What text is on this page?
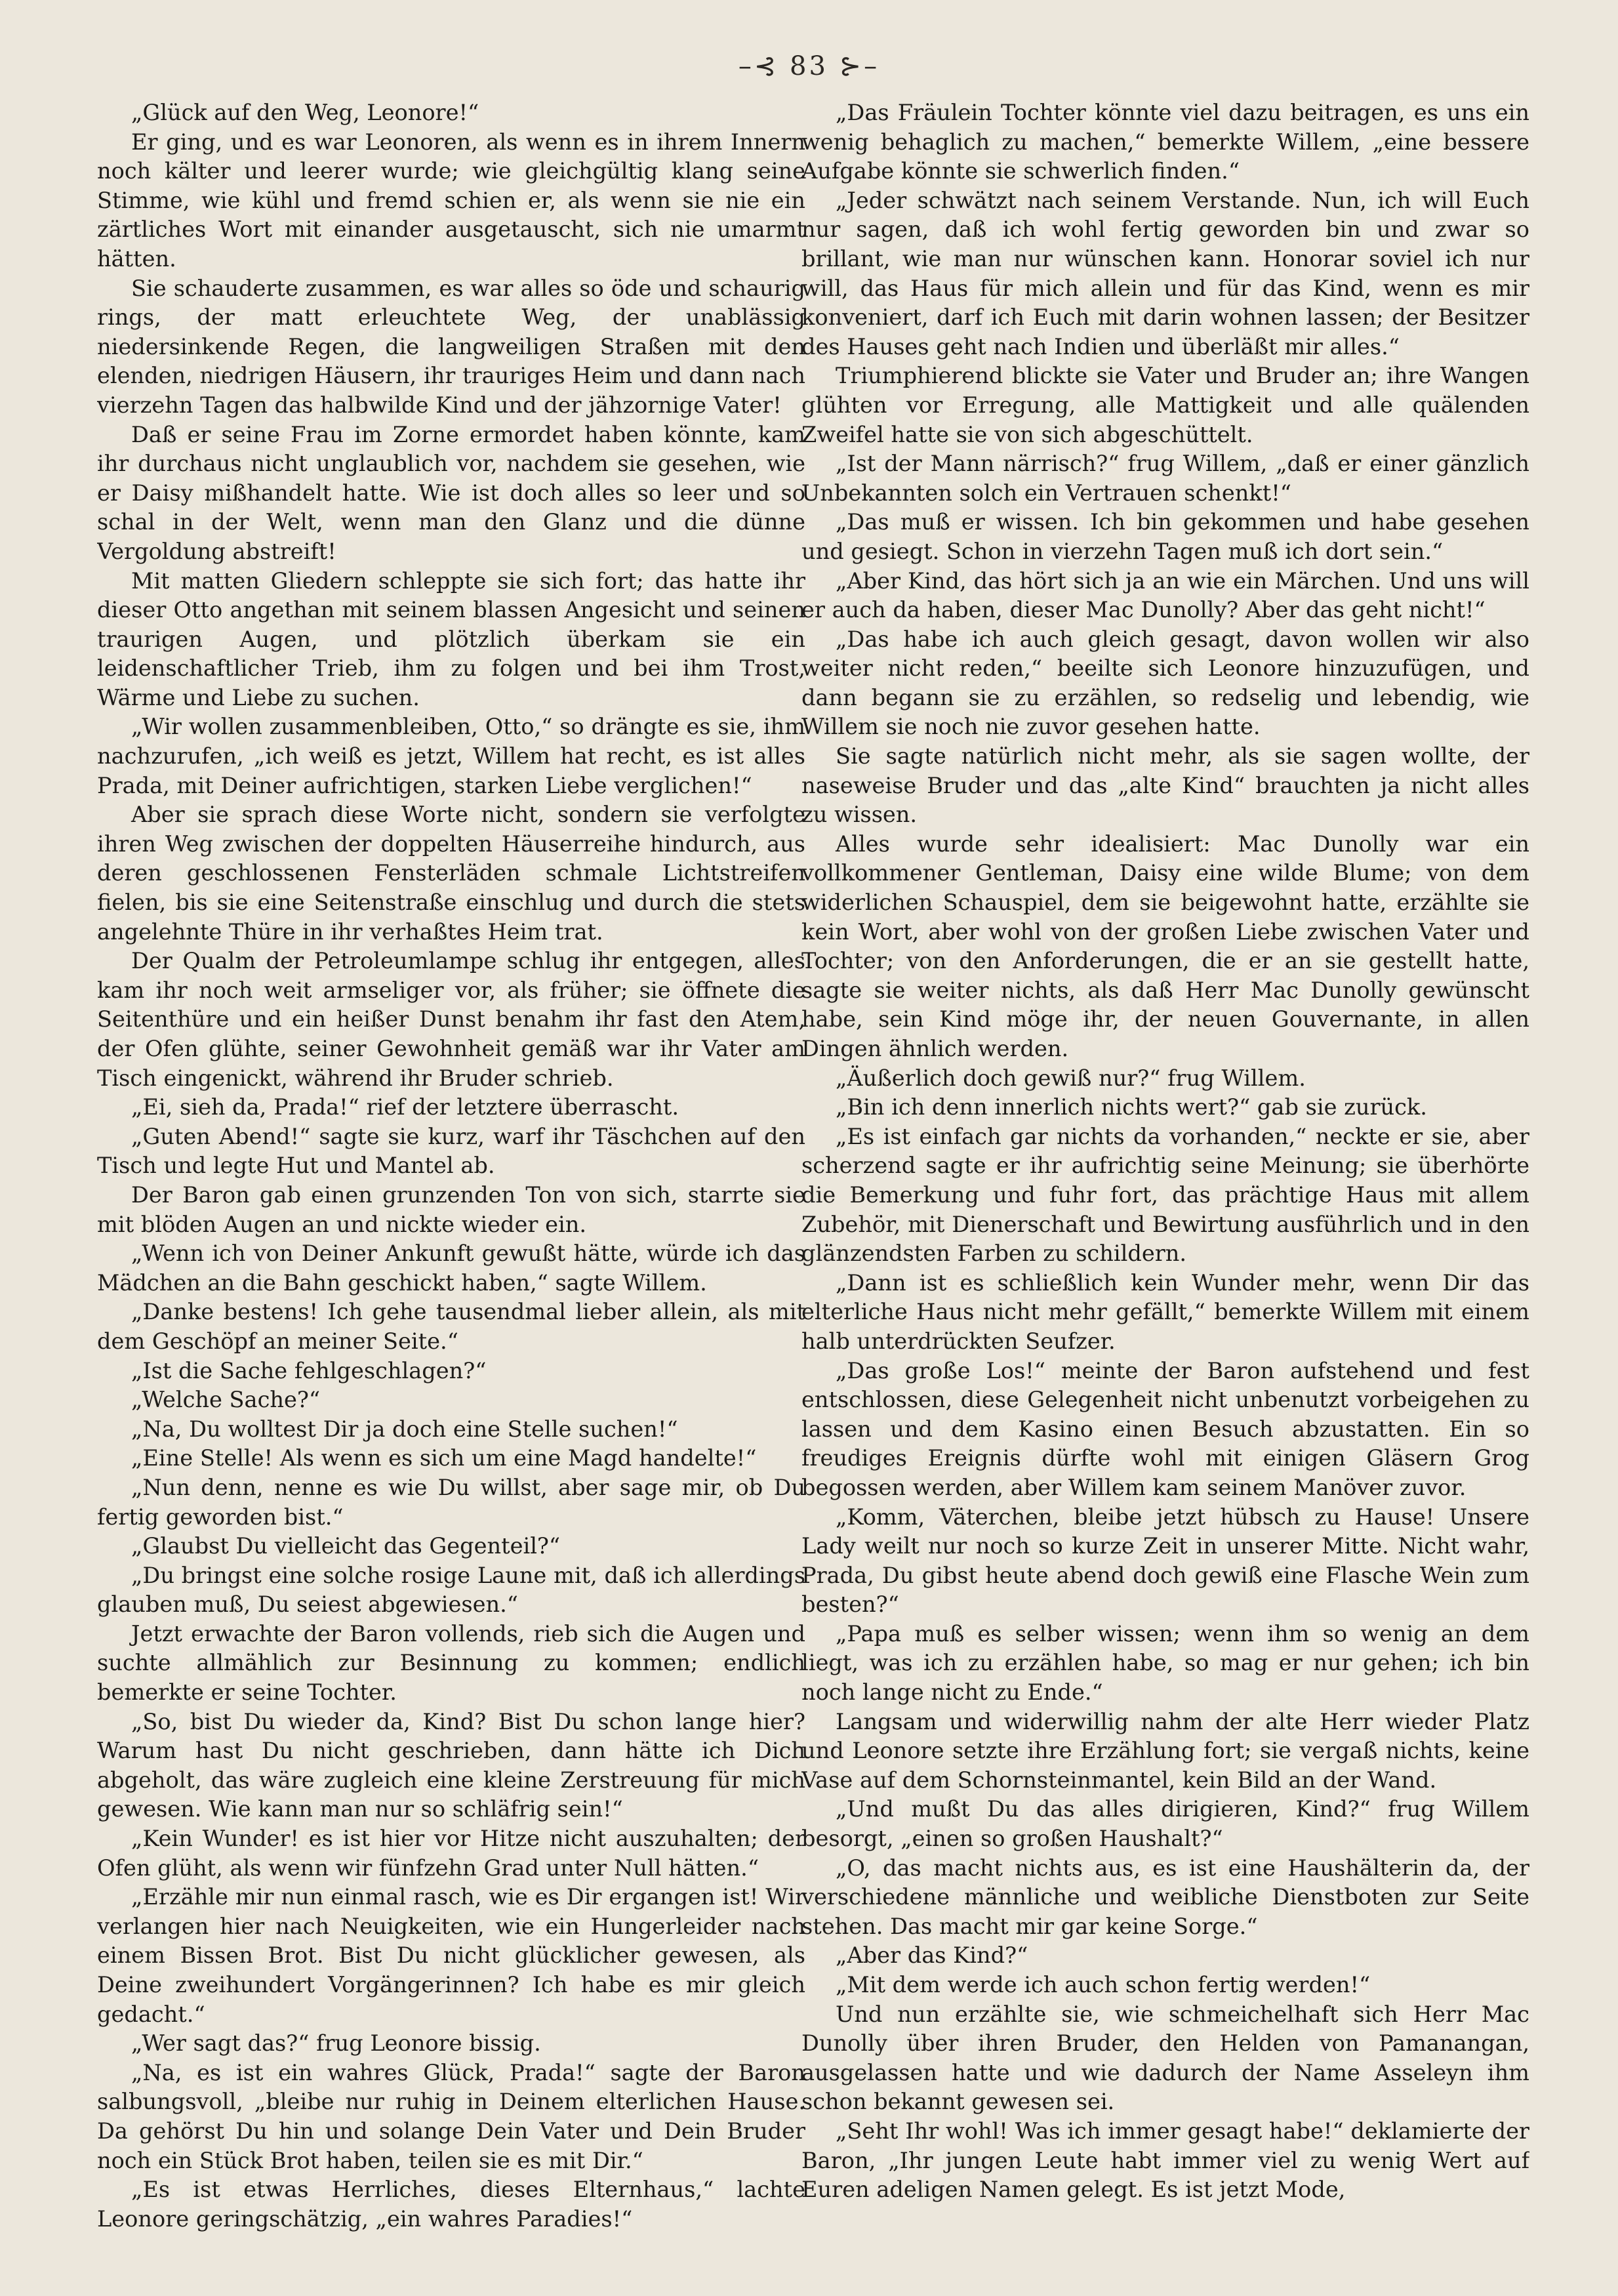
–⊰ 83 ⊱–

„Glück auf den Weg, Leonore!“

Er ging, und es war Leonoren, als wenn es in ihrem Innern noch kälter und leerer wurde; wie gleichgültig klang seine Stimme, wie kühl und fremd schien er, als wenn sie nie ein zärtliches Wort mit einander ausgetauscht, sich nie umarmt hätten.

Sie schauderte zusammen, es war alles so öde und schaurig rings, der matt erleuchtete Weg, der unablässig niedersinkende Regen, die langweiligen Straßen mit den elenden, niedrigen Häusern, ihr trauriges Heim und dann nach vierzehn Tagen das halbwilde Kind und der jähzornige Vater!

Daß er seine Frau im Zorne ermordet haben könnte, kam ihr durchaus nicht unglaublich vor, nachdem sie gesehen, wie er Daisy mißhandelt hatte. Wie ist doch alles so leer und so schal in der Welt, wenn man den Glanz und die dünne Vergoldung abstreift!

Mit matten Gliedern schleppte sie sich fort; das hatte ihr dieser Otto angethan mit seinem blassen Angesicht und seinen traurigen Augen, und plötzlich überkam sie ein leidenschaftlicher Trieb, ihm zu folgen und bei ihm Trost, Wärme und Liebe zu suchen.

„Wir wollen zusammenbleiben, Otto,“ so drängte es sie, ihm nachzurufen, „ich weiß es jetzt, Willem hat recht, es ist alles Prada, mit Deiner aufrichtigen, starken Liebe verglichen!“

Aber sie sprach diese Worte nicht, sondern sie verfolgte ihren Weg zwischen der doppelten Häuserreihe hindurch, aus deren geschlossenen Fensterläden schmale Lichtstreifen fielen, bis sie eine Seitenstraße einschlug und durch die stets angelehnte Thüre in ihr verhaßtes Heim trat.

Der Qualm der Petroleumlampe schlug ihr entgegen, alles kam ihr noch weit armseliger vor, als früher; sie öffnete die Seitenthüre und ein heißer Dunst benahm ihr fast den Atem, der Ofen glühte, seiner Gewohnheit gemäß war ihr Vater am Tisch eingenickt, während ihr Bruder schrieb.

„Ei, sieh da, Prada!“ rief der letztere überrascht.

„Guten Abend!“ sagte sie kurz, warf ihr Täschchen auf den Tisch und legte Hut und Mantel ab.

Der Baron gab einen grunzenden Ton von sich, starrte sie mit blöden Augen an und nickte wieder ein.

„Wenn ich von Deiner Ankunft gewußt hätte, würde ich das Mädchen an die Bahn geschickt haben,“ sagte Willem.

„Danke bestens! Ich gehe tausendmal lieber allein, als mit dem Geschöpf an meiner Seite.“

„Ist die Sache fehlgeschlagen?“

„Welche Sache?“

„Na, Du wolltest Dir ja doch eine Stelle suchen!“

„Eine Stelle! Als wenn es sich um eine Magd handelte!“

„Nun denn, nenne es wie Du willst, aber sage mir, ob Du fertig geworden bist.“

„Glaubst Du vielleicht das Gegenteil?“

„Du bringst eine solche rosige Laune mit, daß ich allerdings glauben muß, Du seiest abgewiesen.“

Jetzt erwachte der Baron vollends, rieb sich die Augen und suchte allmählich zur Besinnung zu kommen; endlich bemerkte er seine Tochter.

„So, bist Du wieder da, Kind? Bist Du schon lange hier? Warum hast Du nicht geschrieben, dann hätte ich Dich abgeholt, das wäre zugleich eine kleine Zerstreuung für mich gewesen. Wie kann man nur so schläfrig sein!“

„Kein Wunder! es ist hier vor Hitze nicht auszuhalten; der Ofen glüht, als wenn wir fünfzehn Grad unter Null hätten.“

„Erzähle mir nun einmal rasch, wie es Dir ergangen ist! Wir verlangen hier nach Neuigkeiten, wie ein Hungerleider nach einem Bissen Brot. Bist Du nicht glücklicher gewesen, als Deine zweihundert Vorgängerinnen? Ich habe es mir gleich gedacht.“

„Wer sagt das?“ frug Leonore bissig.

„Na, es ist ein wahres Glück, Prada!“ sagte der Baron salbungsvoll, „bleibe nur ruhig in Deinem elterlichen Hause. Da gehörst Du hin und solange Dein Vater und Dein Bruder noch ein Stück Brot haben, teilen sie es mit Dir.“

„Es ist etwas Herrliches, dieses Elternhaus,“ lachte Leonore geringschätzig, „ein wahres Paradies!“

„Das Fräulein Tochter könnte viel dazu beitragen, es uns ein wenig behaglich zu machen,“ bemerkte Willem, „eine bessere Aufgabe könnte sie schwerlich finden.“

„Jeder schwätzt nach seinem Verstande. Nun, ich will Euch nur sagen, daß ich wohl fertig geworden bin und zwar so brillant, wie man nur wünschen kann. Honorar soviel ich nur will, das Haus für mich allein und für das Kind, wenn es mir konveniert, darf ich Euch mit darin wohnen lassen; der Besitzer des Hauses geht nach Indien und überläßt mir alles.“

Triumphierend blickte sie Vater und Bruder an; ihre Wangen glühten vor Erregung, alle Mattigkeit und alle quälenden Zweifel hatte sie von sich abgeschüttelt.

„Ist der Mann närrisch?“ frug Willem, „daß er einer gänzlich Unbekannten solch ein Vertrauen schenkt!“

„Das muß er wissen. Ich bin gekommen und habe gesehen und gesiegt. Schon in vierzehn Tagen muß ich dort sein.“

„Aber Kind, das hört sich ja an wie ein Märchen. Und uns will er auch da haben, dieser Mac Dunolly? Aber das geht nicht!“

„Das habe ich auch gleich gesagt, davon wollen wir also weiter nicht reden,“ beeilte sich Leonore hinzuzufügen, und dann begann sie zu erzählen, so redselig und lebendig, wie Willem sie noch nie zuvor gesehen hatte.

Sie sagte natürlich nicht mehr, als sie sagen wollte, der naseweise Bruder und das „alte Kind“ brauchten ja nicht alles zu wissen.

Alles wurde sehr idealisiert: Mac Dunolly war ein vollkommener Gentleman, Daisy eine wilde Blume; von dem widerlichen Schauspiel, dem sie beigewohnt hatte, erzählte sie kein Wort, aber wohl von der großen Liebe zwischen Vater und Tochter; von den Anforderungen, die er an sie gestellt hatte, sagte sie weiter nichts, als daß Herr Mac Dunolly gewünscht habe, sein Kind möge ihr, der neuen Gouvernante, in allen Dingen ähnlich werden.

„Äußerlich doch gewiß nur?“ frug Willem.

„Bin ich denn innerlich nichts wert?“ gab sie zurück.

„Es ist einfach gar nichts da vorhanden,“ neckte er sie, aber scherzend sagte er ihr aufrichtig seine Meinung; sie überhörte die Bemerkung und fuhr fort, das prächtige Haus mit allem Zubehör, mit Dienerschaft und Bewirtung ausführlich und in den glänzendsten Farben zu schildern.

„Dann ist es schließlich kein Wunder mehr, wenn Dir das elterliche Haus nicht mehr gefällt,“ bemerkte Willem mit einem halb unterdrückten Seufzer.

„Das große Los!“ meinte der Baron aufstehend und fest entschlossen, diese Gelegenheit nicht unbenutzt vorbeigehen zu lassen und dem Kasino einen Besuch abzustatten. Ein so freudiges Ereignis dürfte wohl mit einigen Gläsern Grog begossen werden, aber Willem kam seinem Manöver zuvor.

„Komm, Väterchen, bleibe jetzt hübsch zu Hause! Unsere Lady weilt nur noch so kurze Zeit in unserer Mitte. Nicht wahr, Prada, Du gibst heute abend doch gewiß eine Flasche Wein zum besten?“

„Papa muß es selber wissen; wenn ihm so wenig an dem liegt, was ich zu erzählen habe, so mag er nur gehen; ich bin noch lange nicht zu Ende.“

Langsam und widerwillig nahm der alte Herr wieder Platz und Leonore setzte ihre Erzählung fort; sie vergaß nichts, keine Vase auf dem Schornsteinmantel, kein Bild an der Wand.

„Und mußt Du das alles dirigieren, Kind?“ frug Willem besorgt, „einen so großen Haushalt?“

„O, das macht nichts aus, es ist eine Haushälterin da, der verschiedene männliche und weibliche Dienstboten zur Seite stehen. Das macht mir gar keine Sorge.“

„Aber das Kind?“

„Mit dem werde ich auch schon fertig werden!“

Und nun erzählte sie, wie schmeichelhaft sich Herr Mac Dunolly über ihren Bruder, den Helden von Pamanangan, ausgelassen hatte und wie dadurch der Name Asseleyn ihm schon bekannt gewesen sei.

„Seht Ihr wohl! Was ich immer gesagt habe!“ deklamierte der Baron, „Ihr jungen Leute habt immer viel zu wenig Wert auf Euren adeligen Namen gelegt. Es ist jetzt Mode,
